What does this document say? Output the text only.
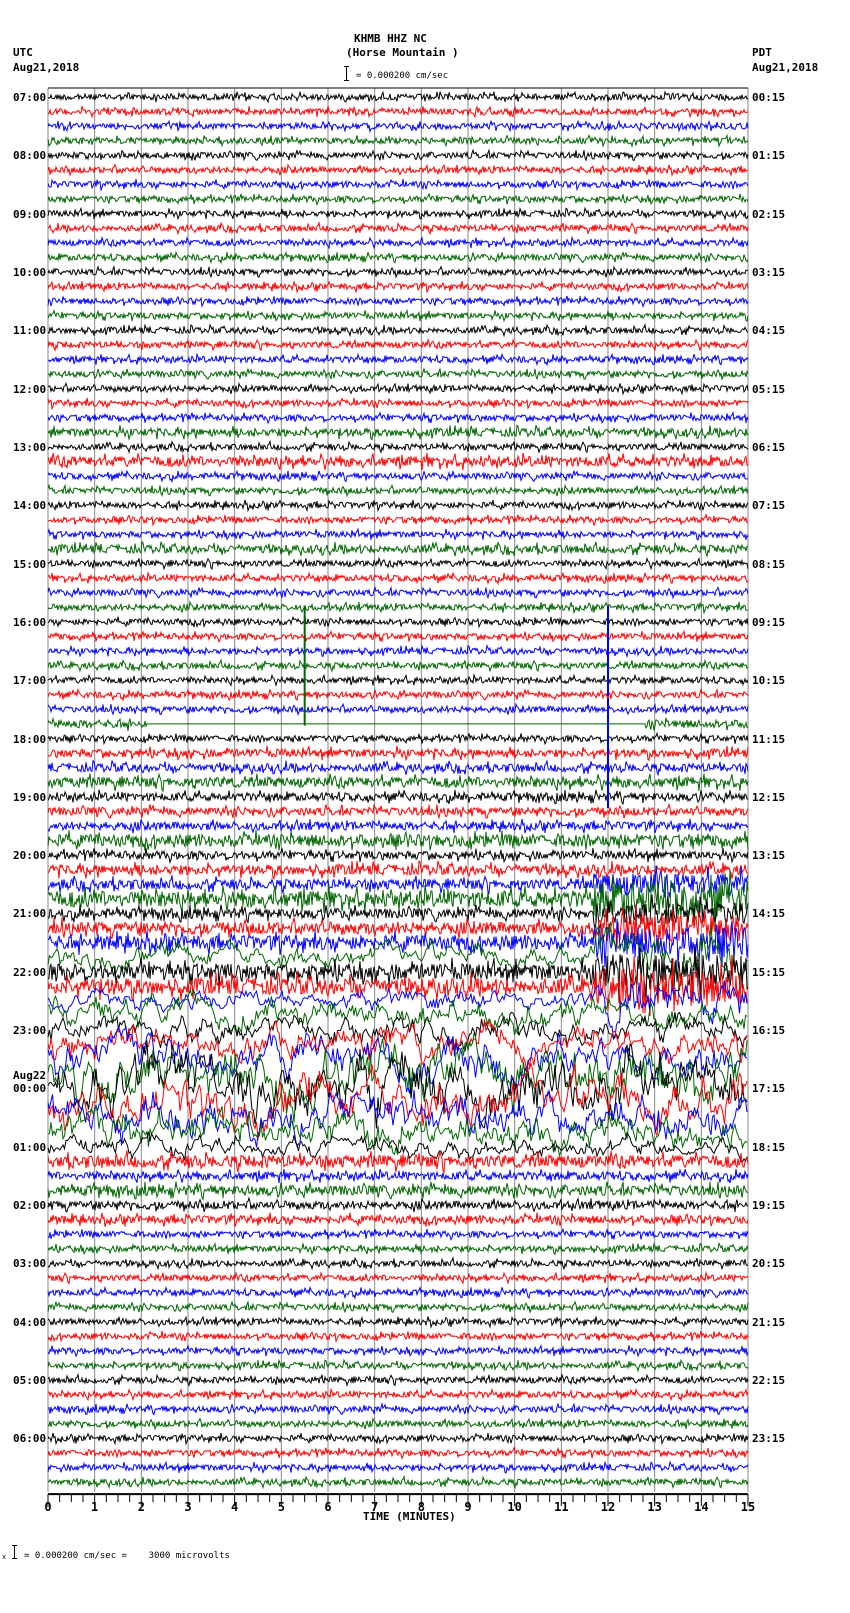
KHMB HHZ NC
(Horse Mountain )
UTC
Aug21,2018
PDT
Aug21,2018
= 0.000200 cm/sec
07:00
08:00
09:00
10:00
11:00
12:00
13:00
14:00
15:00
16:00
17:00
18:00
19:00
20:00
21:00
22:00
23:00
Aug22
00:00
01:00
02:00
03:00
04:00
05:00
06:00
00:15
01:15
02:15
03:15
04:15
05:15
06:15
07:15
08:15
09:15
10:15
11:15
12:15
13:15
14:15
15:15
16:15
17:15
18:15
19:15
20:15
21:15
22:15
23:15
0	1	2	3	4	5	6	7	8	9	10	11	12	13	14	15
TIME (MINUTES)
x = 0.000200 cm/sec =    3000 microvolts
